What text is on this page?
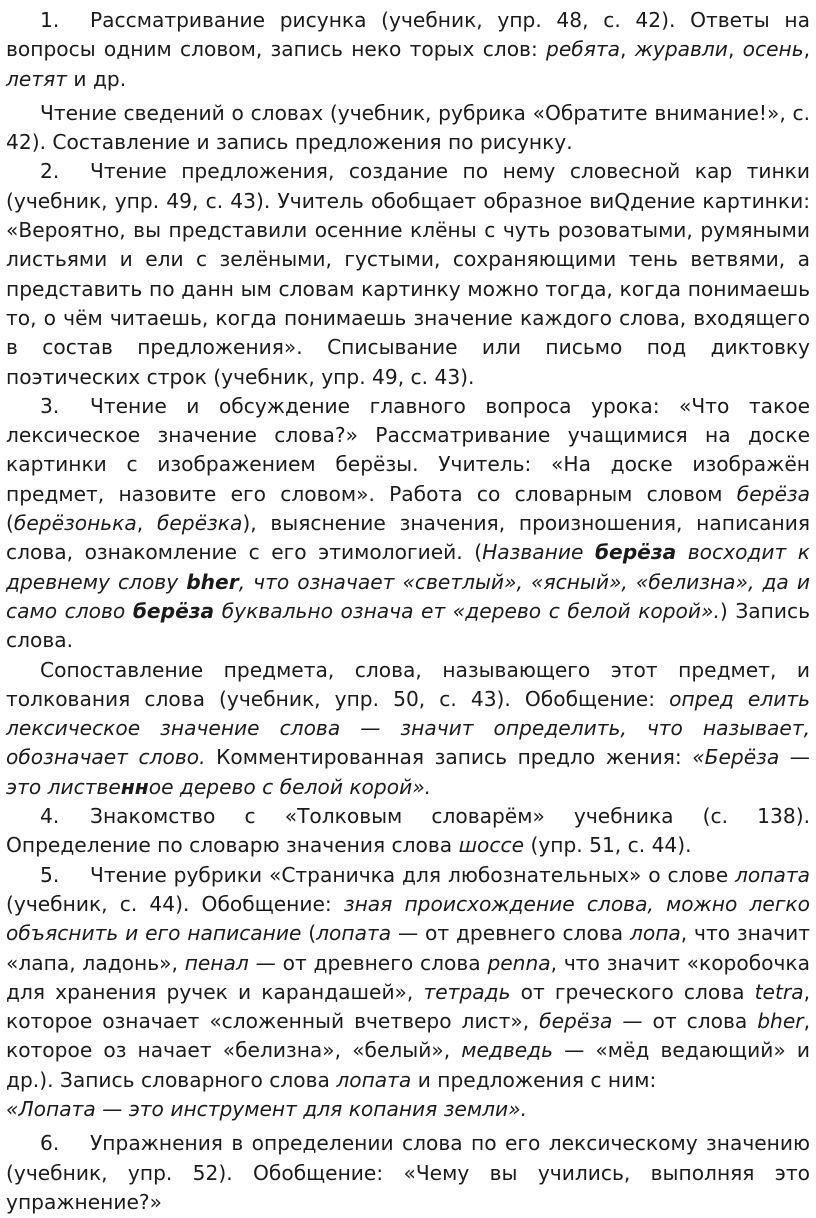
1. Рассматривание рисунка (учебник, упр. 48, с. 42). Ответы на вопросы одним словом, запись неко торых слов: ребята, журавли, осень, летят и др.

Чтение сведений о словах (учебник, рубрика «Обратите внимание!», с. 42). Составление и запись предложения по рисунку.

2. Чтение предложения, создание по нему словесной кар тинки (учебник, упр. 49, с. 43). Учитель обобщает образное виQдение картинки: «Вероятно, вы представили осенние клёны с чуть розоватыми, румяными листьями и ели с зелёными, густыми, сохраняющими тень ветвями, а представить по данн ым словам картинку можно тогда, когда понимаешь то, о чём читаешь, когда понимаешь значение каждого слова, входящего в состав предложения». Списывание или письмо под диктовку поэтических строк (учебник, упр. 49, с. 43).

3. Чтение и обсуждение главного вопроса урока: «Что такое лексическое значение слова?» Рассматривание учащимися на доске картинки с изображением берёзы. Учитель: «На доске изображён предмет, назовите его словом». Работа со словарным словом берёза (берёзонька, берёзка), выяснение значения, произношения, написания слова, ознакомление с его этимологией. (Название берёза восходит к древнему слову bher, что означает «светлый», «ясный», «белизна», да и само слово берёза буквально означа ет «дерево с белой корой».) Запись слова.

Сопоставление предмета, слова, называющего этот предмет, и толкования слова (учебник, упр. 50, с. 43). Обобщение: опред елить лексическое значение слова — значит определить, что называет, обозначает слово. Комментированная запись предло жения: «Берёза — это лиственное дерево с белой корой».

4. Знакомство с «Толковым словарём» учебника (с. 138). Определение по словарю значения слова шоссе (упр. 51, с. 44).

5. Чтение рубрики «Страничка для любознательных» о слове лопата (учебник, с. 44). Обобщение: зная происхождение слова, можно легко объяснить и его написание (лопата — от древнего слова лопа, что значит «лапа, ладонь», пенал — от древнего слова penna, что значит «коробочка для хранения ручек и карандашей», тетрадь от греческого слова tetra, которое означает «сложенный вчетверо лист», берёза — от слова bher, которое оз начает «белизна», «белый», медведь — «мёд ведающий» и др.). Запись словарного слова лопата и предложения с ним:

«Лопата — это инструмент для копания земли».

6. Упражнения в определении слова по его лексическому значению (учебник, упр. 52). Обобщение: «Чему вы учились, выполняя это упражнение?»
